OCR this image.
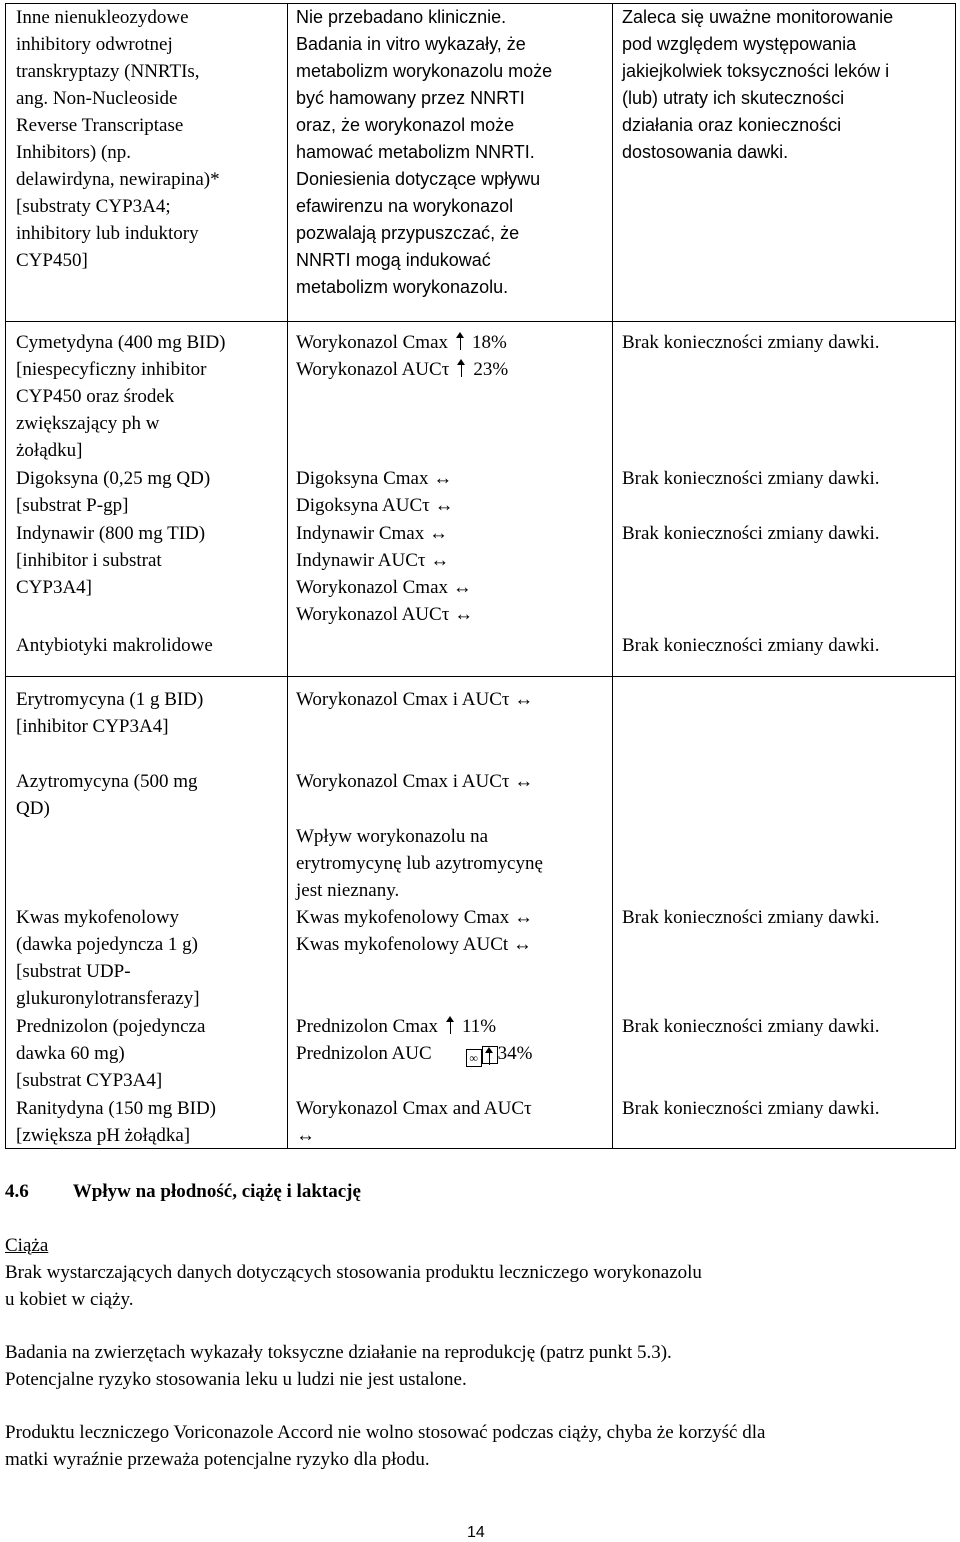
Inne nienukleozydowe
inhibitory odwrotnej
transkryptazy (NNRTIs,
ang. Non-Nucleoside
Reverse Transcriptase
Inhibitors) (np.
delawirdyna, newirapina)*
[substraty CYP3A4;
inhibitory lub induktory
CYP450]
Nie przebadano klinicznie.
Badania in vitro wykazały, że
metabolizm worykonazolu może
być hamowany przez NNRTI
oraz, że worykonazol może
hamować metabolizm NNRTI.
Doniesienia dotyczące wpływu
efawirenzu na worykonazol
pozwalają przypuszczać, że
NNRTI mogą indukować
metabolizm worykonazolu.
Zaleca się uważne monitorowanie
pod względem występowania
jakiejkolwiek toksyczności leków i
(lub) utraty ich skuteczności
działania oraz konieczności
dostosowania dawki.
Cymetydyna (400 mg BID)
[niespecyficzny inhibitor
CYP450 oraz środek
zwiększający ph w
żołądku]
Worykonazol Cmax 18%
Worykonazol AUCτ 23%
Brak konieczności zmiany dawki.
Digoksyna (0,25 mg QD)
[substrat P-gp]
Digoksyna Cmax ↔
Digoksyna AUCτ ↔
Brak konieczności zmiany dawki.
Indynawir (800 mg TID)
[inhibitor i substrat
CYP3A4]
Indynawir Cmax ↔
Indynawir AUCτ ↔
Worykonazol Cmax ↔
Worykonazol AUCτ ↔
Brak konieczności zmiany dawki.
Antybiotyki makrolidowe	Brak konieczności zmiany dawki.
Erytromycyna (1 g BID)
[inhibitor CYP3A4]
Worykonazol Cmax i AUCτ ↔
Azytromycyna (500 mg
QD)
Worykonazol Cmax i AUCτ ↔
Wpływ worykonazolu na
erytromycynę lub azytromycynę
jest nieznany.
Kwas mykofenolowy
(dawka pojedyncza 1 g)
[substrat UDP-
glukuronylotransferazy]
Kwas mykofenolowy Cmax ↔
Kwas mykofenolowy AUCt ↔
Brak konieczności zmiany dawki.
Prednizolon (pojedyncza
dawka 60 mg)
[substrat CYP3A4]
Prednizolon Cmax 11%
Prednizolon AUC	∞ 34%
Brak konieczności zmiany dawki.
Ranitydyna (150 mg BID)
[zwiększa pH żołądka]
Worykonazol Cmax and AUCτ
↔
Brak konieczności zmiany dawki.
4.6 Wpływ na płodność, ciążę i laktację
Ciąża
Brak wystarczających danych dotyczących stosowania produktu leczniczego worykonazolu
u kobiet w ciąży.
Badania na zwierzętach wykazały toksyczne działanie na reprodukcję (patrz punkt 5.3).
Potencjalne ryzyko stosowania leku u ludzi nie jest ustalone.
Produktu leczniczego Voriconazole Accord nie wolno stosować podczas ciąży, chyba że korzyść dla
matki wyraźnie przeważa potencjalne ryzyko dla płodu.
14
